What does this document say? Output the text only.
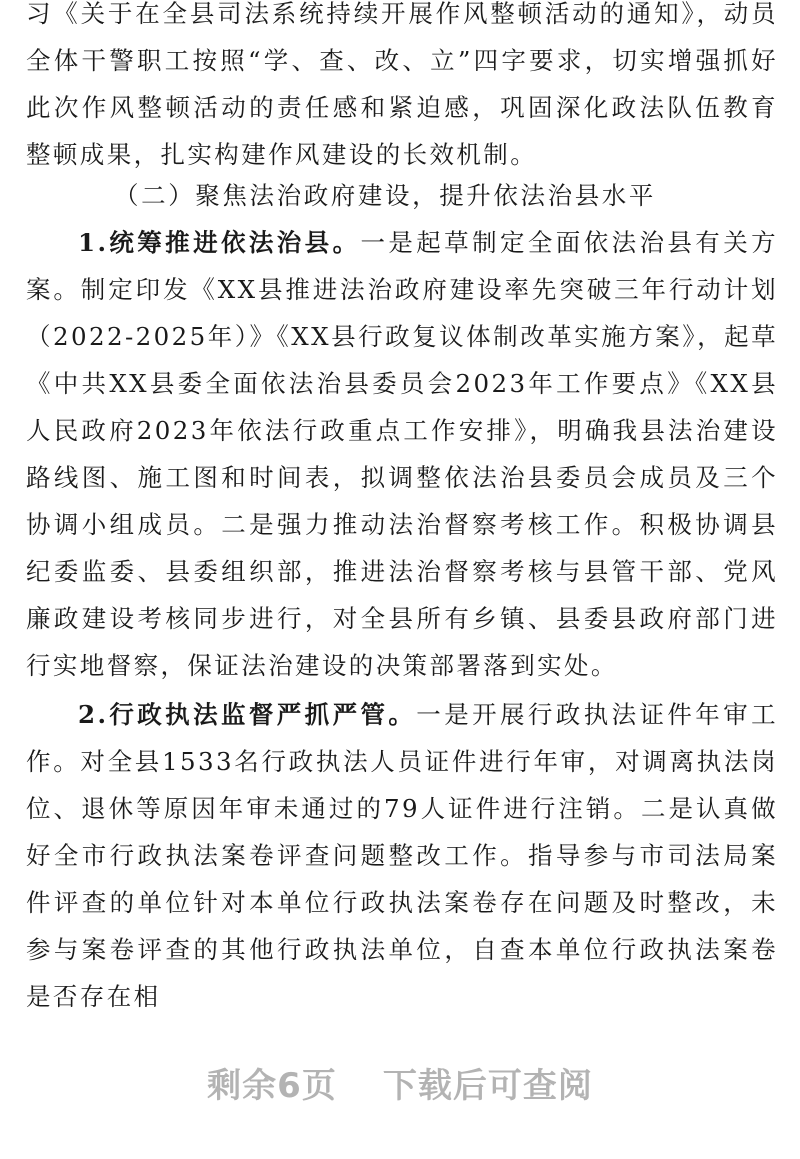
习《关于在全县司法系统持续开展作风整顿活动的通知》，动员全体干警职工按照“学、查、改、立”四字要求，切实增强抓好此次作风整顿活动的责任感和紧迫感，巩固深化政法队伍教育整顿成果，扎实构建作风建设的长效机制。

（二）聚焦法治政府建设，提升依法治县水平

1.统筹推进依法治县。一是起草制定全面依法治县有关方案。制定印发《XX县推进法治政府建设率先突破三年行动计划（2022-2025年）》《XX县行政复议体制改革实施方案》，起草《中共XX县委全面依法治县委员会2023年工作要点》《XX县人民政府2023年依法行政重点工作安排》，明确我县法治建设路线图、施工图和时间表，拟调整依法治县委员会成员及三个协调小组成员。二是强力推动法治督察考核工作。积极协调县纪委监委、县委组织部，推进法治督察考核与县管干部、党风廉政建设考核同步进行，对全县所有乡镇、县委县政府部门进行实地督察，保证法治建设的决策部署落到实处。

2.行政执法监督严抓严管。一是开展行政执法证件年审工作。对全县1533名行政执法人员证件进行年审，对调离执法岗位、退休等原因年审未通过的79人证件进行注销。二是认真做好全市行政执法案卷评查问题整改工作。指导参与市司法局案件评查的单位针对本单位行政执法案卷存在问题及时整改，未参与案卷评查的其他行政执法单位，自查本单位行政执法案卷是否存在相

剩余6页 下载后可查阅
